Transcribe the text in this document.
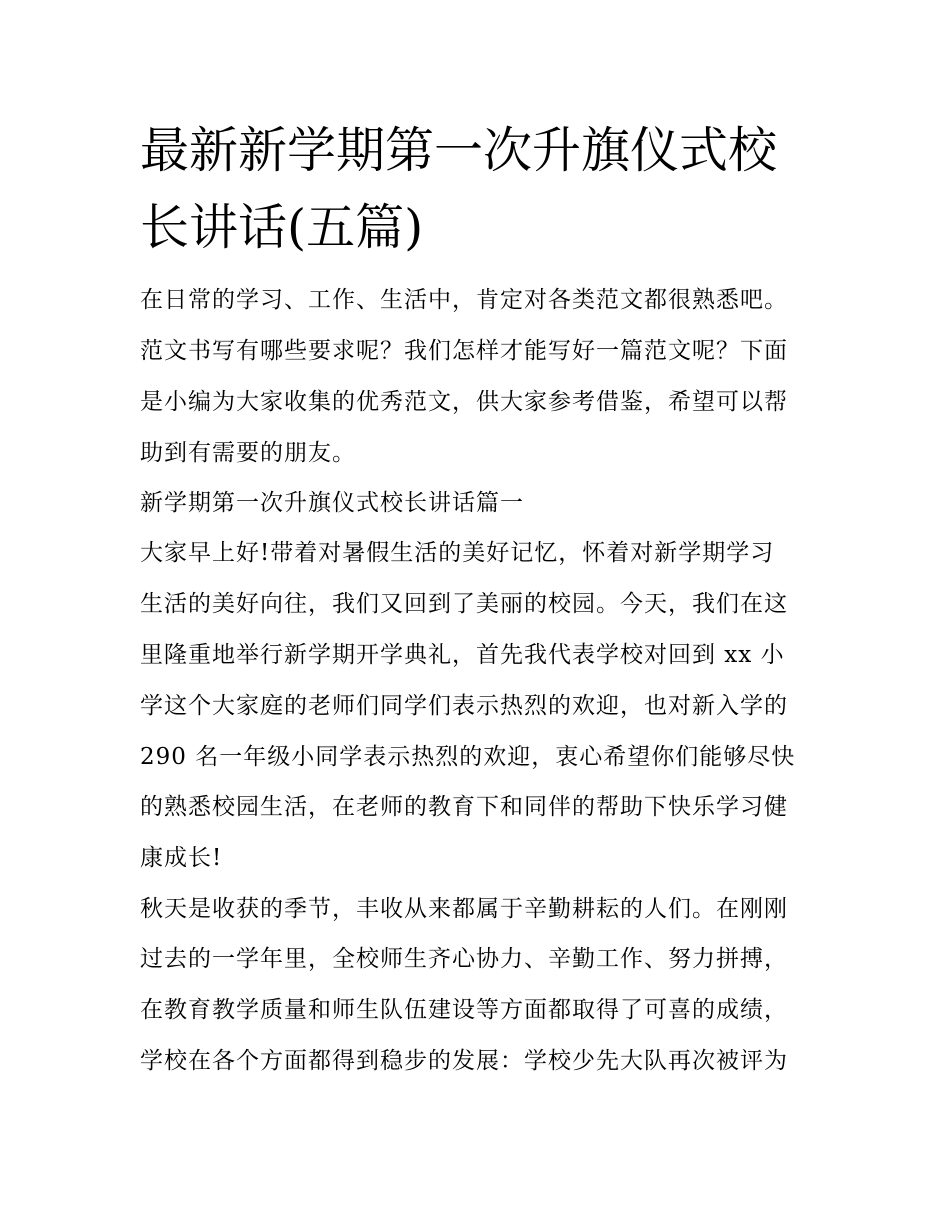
最新新学期第一次升旗仪式校
长讲话(五篇)
在日常的学习、工作、生活中，肯定对各类范文都很熟悉吧。
范文书写有哪些要求呢？我们怎样才能写好一篇范文呢？下面
是小编为大家收集的优秀范文，供大家参考借鉴，希望可以帮
助到有需要的朋友。
新学期第一次升旗仪式校长讲话篇一
大家早上好!带着对暑假生活的美好记忆，怀着对新学期学习
生活的美好向往，我们又回到了美丽的校园。今天，我们在这
里隆重地举行新学期开学典礼，首先我代表学校对回到 xx 小
学这个大家庭的老师们同学们表示热烈的欢迎，也对新入学的
290 名一年级小同学表示热烈的欢迎，衷心希望你们能够尽快
的熟悉校园生活，在老师的教育下和同伴的帮助下快乐学习健
康成长!
秋天是收获的季节，丰收从来都属于辛勤耕耘的人们。在刚刚
过去的一学年里，全校师生齐心协力、辛勤工作、努力拼搏，
在教育教学质量和师生队伍建设等方面都取得了可喜的成绩，
学校在各个方面都得到稳步的发展：学校少先大队再次被评为
